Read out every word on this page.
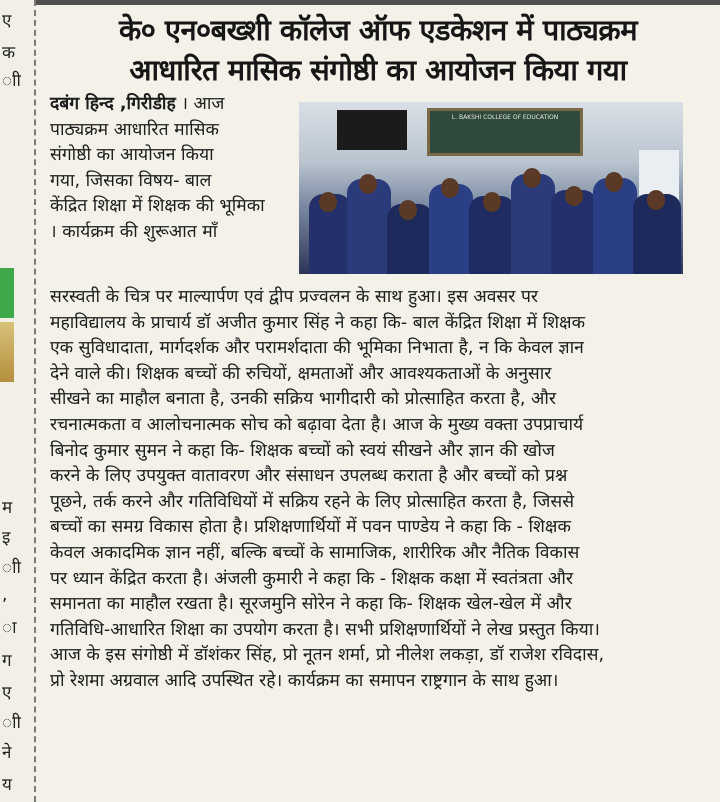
ए
क
ाी
म
इ
ाी
,
ा
ग
ए
ाी
ने
य
के० एन०बख्शी कॉलेज ऑफ एडकेशन में पाठ्यक्रम
आधारित मासिक संगोष्ठी का आयोजन किया गया
दबंग हिन्द ,गिरीडीह । आज
पाठ्यक्रम आधारित मासिक
संगोष्ठी का आयोजन किया
गया, जिसका विषय- बाल
केंद्रित शिक्षा में शिक्षक की भूमिका
। कार्यक्रम की शुरूआत माँ
L. BAKSHI COLLEGE OF EDUCATION
सरस्वती के चित्र पर माल्यार्पण एवं द्वीप प्रज्वलन के साथ हुआ। इस अवसर पर
महाविद्यालय के प्राचार्य डॉ अजीत कुमार सिंह ने कहा कि- बाल केंद्रित शिक्षा में शिक्षक
एक सुविधादाता, मार्गदर्शक और परामर्शदाता की भूमिका निभाता है, न कि केवल ज्ञान
देने वाले की। शिक्षक बच्चों की रुचियों, क्षमताओं और आवश्यकताओं के अनुसार
सीखने का माहौल बनाता है, उनकी सक्रिय भागीदारी को प्रोत्साहित करता है, और
रचनात्मकता व आलोचनात्मक सोच को बढ़ावा देता है। आज के मुख्य वक्ता उपप्राचार्य
बिनोद कुमार सुमन ने कहा कि- शिक्षक बच्चों को स्वयं सीखने और ज्ञान की खोज
करने के लिए उपयुक्त वातावरण और संसाधन उपलब्ध कराता है और बच्चों को प्रश्न
पूछने, तर्क करने और गतिविधियों में सक्रिय रहने के लिए प्रोत्साहित करता है, जिससे
बच्चों का समग्र विकास होता है। प्रशिक्षणार्थियों में पवन पाण्डेय ने कहा कि - शिक्षक
केवल अकादमिक ज्ञान नहीं, बल्कि बच्चों के सामाजिक, शारीरिक और नैतिक विकास
पर ध्यान केंद्रित करता है। अंजली कुमारी ने कहा कि - शिक्षक कक्षा में स्वतंत्रता और
समानता का माहौल रखता है। सूरजमुनि सोरेन ने कहा कि- शिक्षक खेल-खेल में और
गतिविधि-आधारित शिक्षा का उपयोग करता है। सभी प्रशिक्षणार्थियों ने लेख प्रस्तुत किया।
आज के इस संगोष्ठी में डॉशंकर सिंह, प्रो नूतन शर्मा, प्रो नीलेश लकड़ा, डॉ राजेश रविदास,
प्रो रेशमा अग्रवाल आदि उपस्थित रहे। कार्यक्रम का समापन राष्ट्रगान के साथ हुआ।
